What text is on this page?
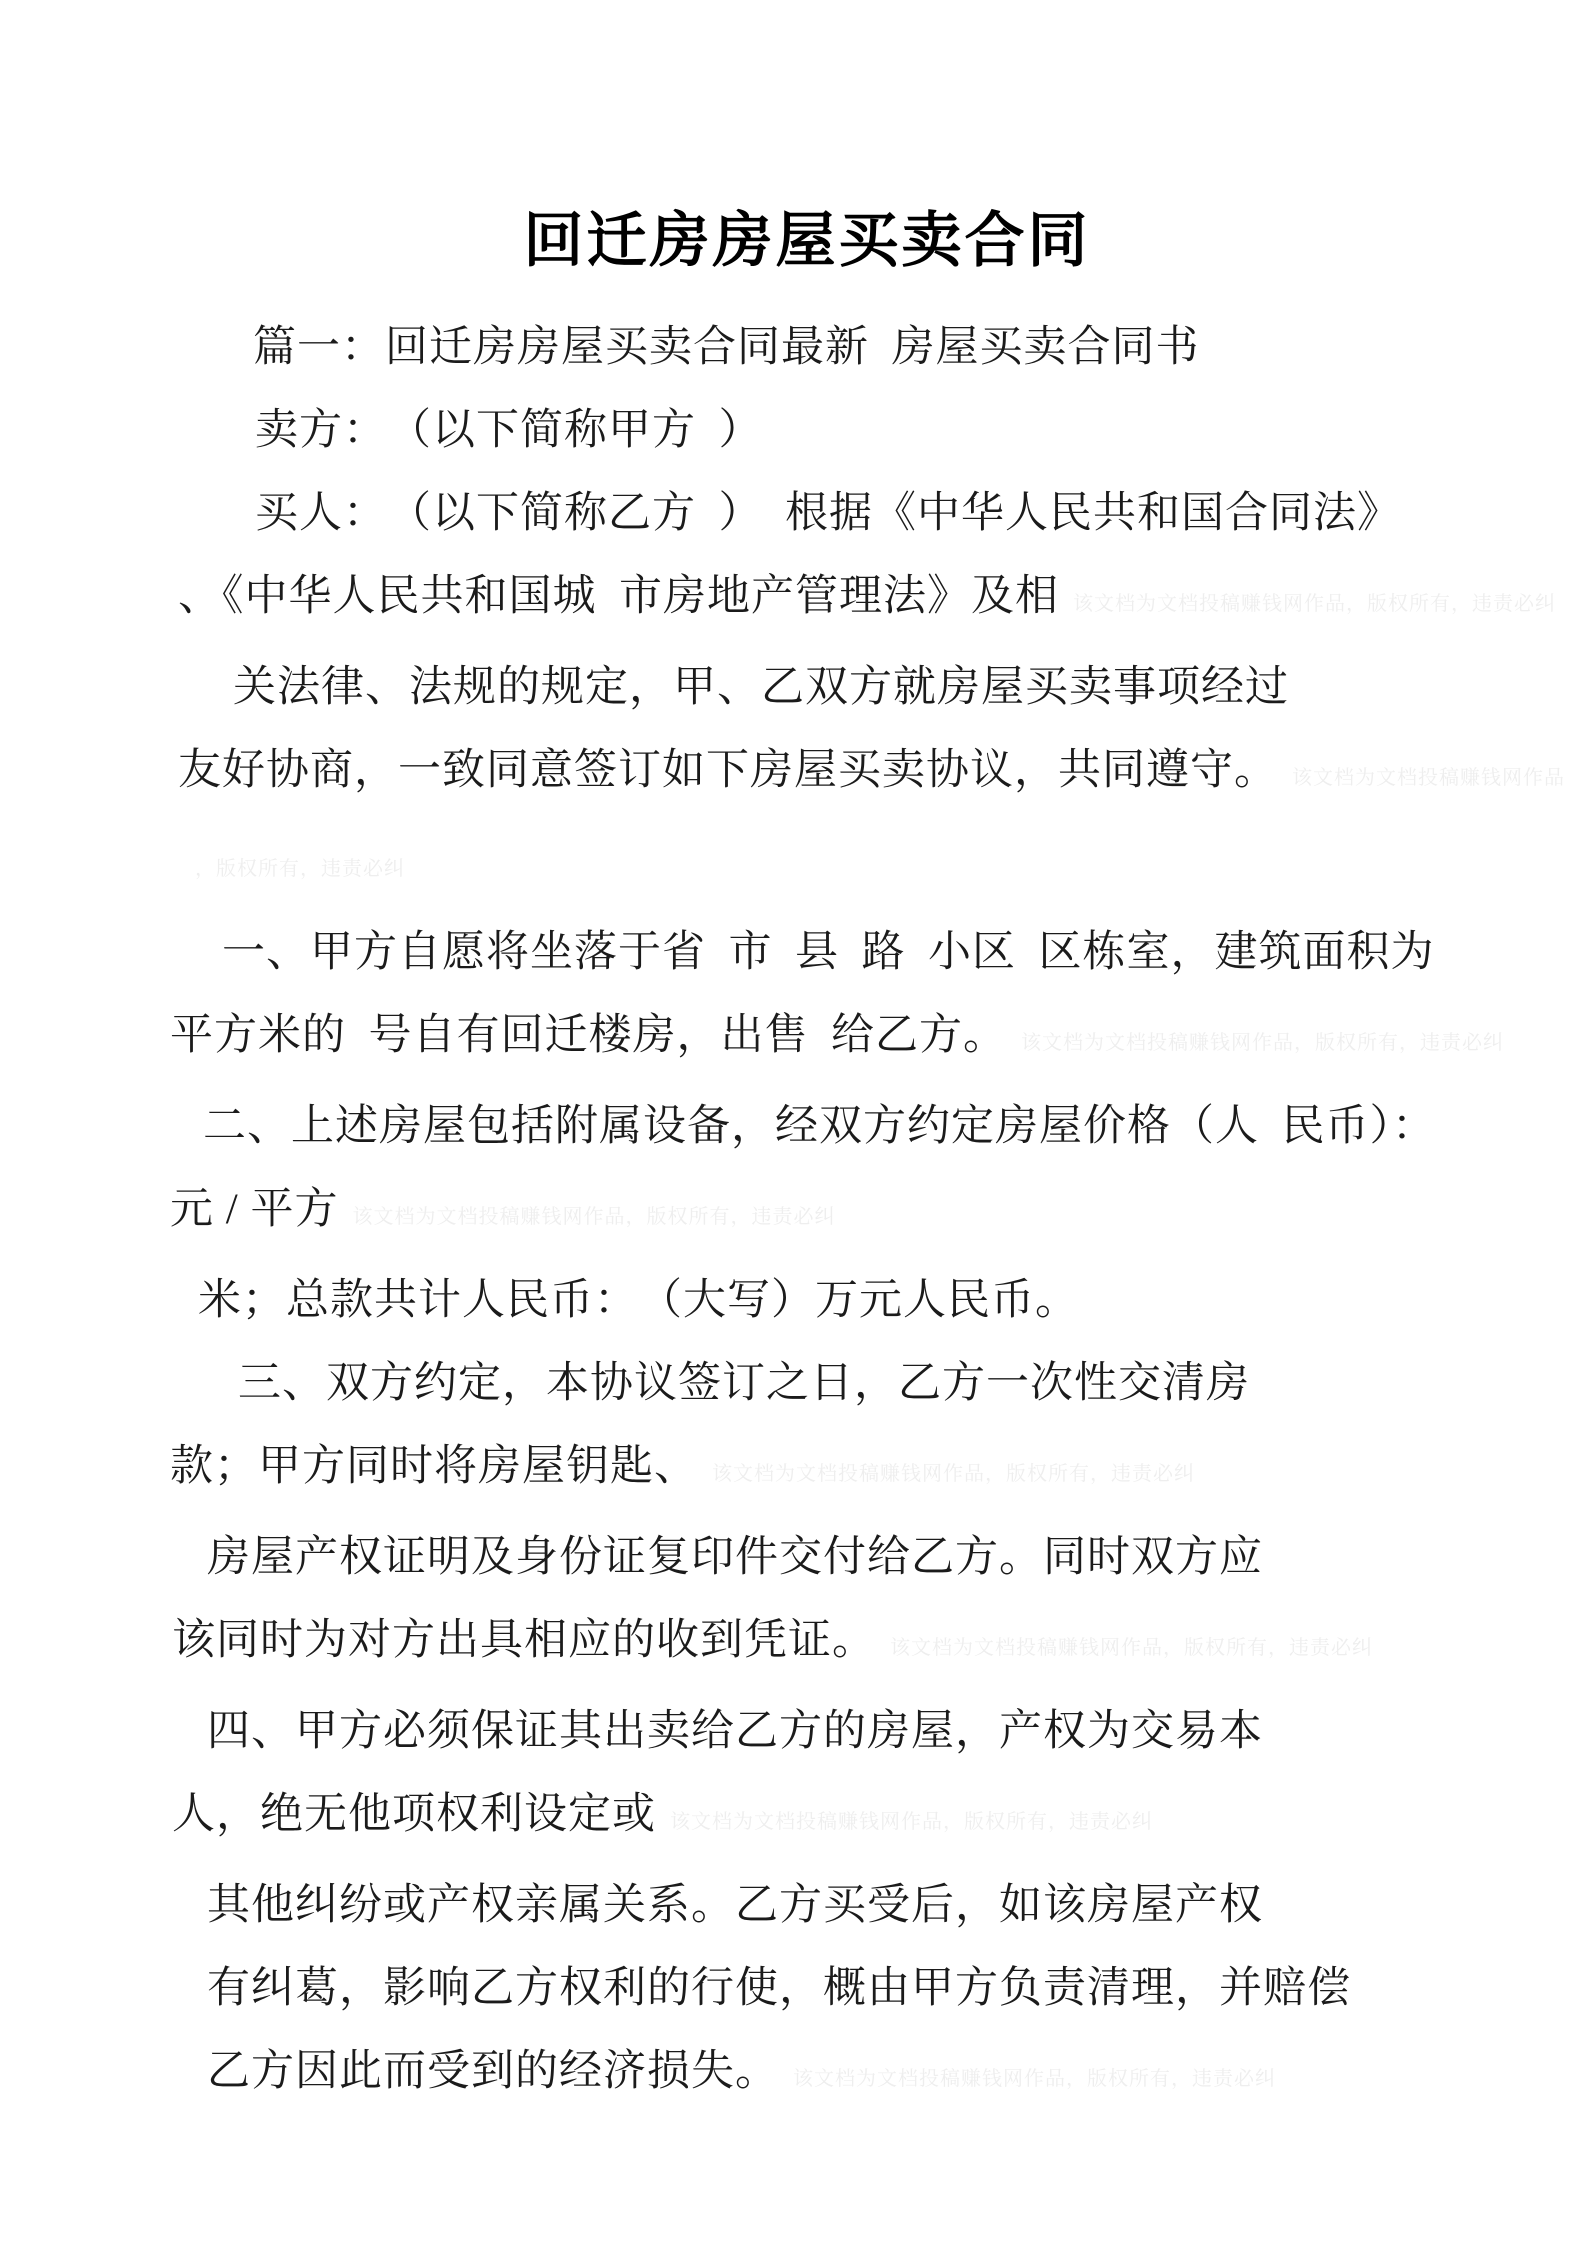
回迁房房屋买卖合同

篇一：回迁房房屋买卖合同最新 房屋买卖合同书

卖方：　（以下简称甲方 ）

买人：　（以下简称乙方 ）　根据《中华人民共和国合同法》

、《中华人民共和国城 市房地产管理法》及相 该文档为文档投稿赚钱网作品，版权所有，违责必纠

关法律、法规的规定，甲、乙双方就房屋买卖事项经过

友好协商，一致同意签订如下房屋买卖协议，共同遵守。 该文档为文档投稿赚钱网作品

，版权所有，违责必纠

一、甲方自愿将坐落于省 市 县 路 小区 区栋室，建筑面积为

平方米的 号自有回迁楼房，出售 给乙方。 该文档为文档投稿赚钱网作品，版权所有，违责必纠

二、上述房屋包括附属设备，经双方约定房屋价格（人 民币）：

元 / 平方 该文档为文档投稿赚钱网作品，版权所有，违责必纠

米；总款共计人民币：　（大写）万元人民币。

三、双方约定，本协议签订之日，乙方一次性交清房

款；甲方同时将房屋钥匙、 该文档为文档投稿赚钱网作品，版权所有，违责必纠

房屋产权证明及身份证复印件交付给乙方。同时双方应

该同时为对方出具相应的收到凭证。 该文档为文档投稿赚钱网作品，版权所有，违责必纠

四、甲方必须保证其出卖给乙方的房屋，产权为交易本

人，绝无他项权利设定或 该文档为文档投稿赚钱网作品，版权所有，违责必纠

其他纠纷或产权亲属关系。乙方买受后，如该房屋产权

有纠葛，影响乙方权利的行使，概由甲方负责清理，并赔偿

乙方因此而受到的经济损失。 该文档为文档投稿赚钱网作品，版权所有，违责必纠
